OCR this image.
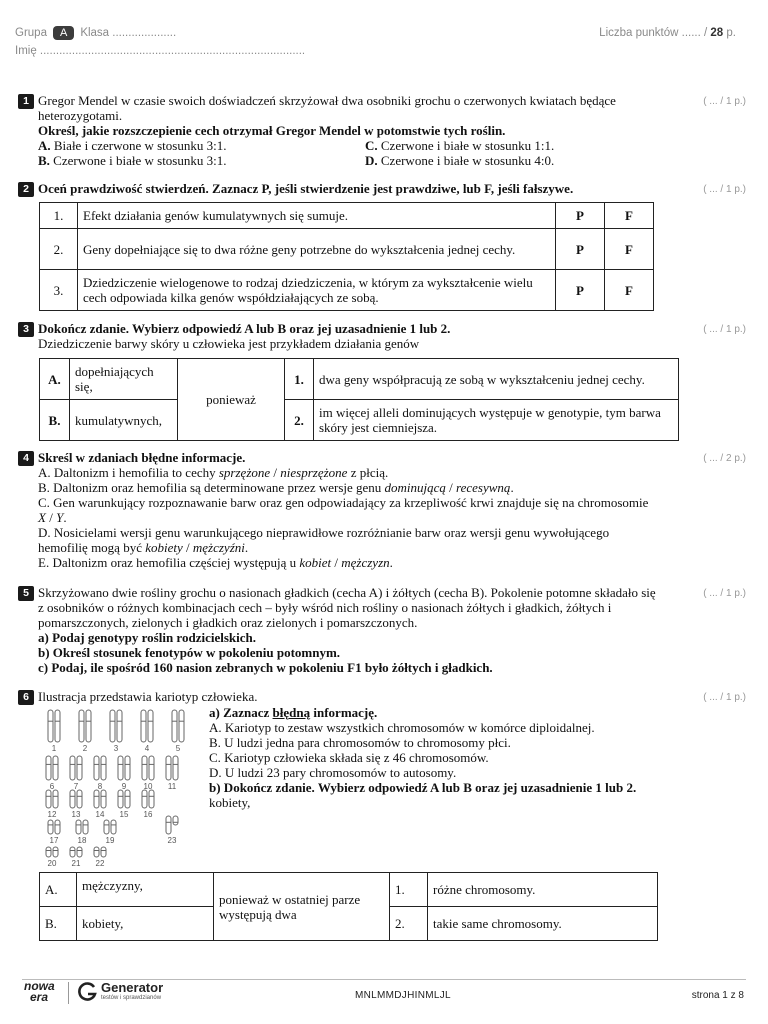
Grupa A Klasa ....................
Imię ...................................................................................
Liczba punktów ...... / 28 p.
1 Gregor Mendel w czasie swoich doświadczeń skrzyżował dwa osobniki grochu o czerwonych kwiatach będące heterozygotami.
Określ, jakie rozszczepienie cech otrzymał Gregor Mendel w potomstwie tych roślin.
A. Białe i czerwone w stosunku 3:1.	C. Czerwone i białe w stosunku 1:1.
B. Czerwone i białe w stosunku 3:1.	D. Czerwone i białe w stosunku 4:0.
( ... / 1 p.)
2 Oceń prawdziwość stwierdzeń. Zaznacz P, jeśli stwierdzenie jest prawdziwe, lub F, jeśli fałszywe.	( ... / 1 p.)
1.	Efekt działania genów kumulatywnych się sumuje.	P	F
2.	Geny dopełniające się to dwa różne geny potrzebne do wykształcenia jednej cechy.	P	F
3.	Dziedziczenie wielogenowe to rodzaj dziedziczenia, w którym za wykształcenie wielu cech odpowiada kilka genów współdziałających ze sobą.	P	F
3 Dokończ zdanie. Wybierz odpowiedź A lub B oraz jej uzasadnienie 1 lub 2.
Dziedziczenie barwy skóry u człowieka jest przykładem działania genów
( ... / 1 p.)
A.	dopełniających się,	ponieważ	1.	dwa geny współpracują ze sobą w wykształceniu jednej cechy.
B.	kumulatywnych,		2.	im więcej alleli dominujących występuje w genotypie, tym barwa skóry jest ciemniejsza.
4 Skreśl w zdaniach błędne informacje.
A. Daltonizm i hemofilia to cechy sprzężone / niesprzężone z płcią.
B. Daltonizm oraz hemofilia są determinowane przez wersje genu dominującą / recesywną.
C. Gen warunkujący rozpoznawanie barw oraz gen odpowiadający za krzepliwość krwi znajduje się na chromosomie X / Y.
D. Nosicielami wersji genu warunkującego nieprawidłowe rozróżnianie barw oraz wersji genu wywołującego hemofilię mogą być kobiety / mężczyźni.
E. Daltonizm oraz hemofilia częściej występują u kobiet / mężczyzn.
( ... / 2 p.)
5 Skrzyżowano dwie rośliny grochu o nasionach gładkich (cecha A) i żółtych (cecha B). Pokolenie potomne składało się z osobników o różnych kombinacjach cech – były wśród nich rośliny o nasionach żółtych i gładkich, żółtych i pomarszczonych, zielonych i gładkich oraz zielonych i pomarszczonych.
a) Podaj genotypy roślin rodzicielskich.
b) Określ stosunek fenotypów w pokoleniu potomnym.
c) Podaj, ile spośród 160 nasion zebranych w pokoleniu F1 było żółtych i gładkich.
( ... / 1 p.)
6 Ilustracja przedstawia kariotyp człowieka.	( ... / 1 p.)
1	2	3	4	5
6 7 8 9 10 11
12 13 14 15 16
17 18 19
20 21 22
23
a) Zaznacz błędną informację.
A. Kariotyp to zestaw wszystkich chromosomów w komórce diploidalnej.
B. U ludzi jedna para chromosomów to chromosomy płci.
C. Kariotyp człowieka składa się z 46 chromosomów.
D. U ludzi 23 pary chromosomów to autosomy.
b) Dokończ zdanie. Wybierz odpowiedź A lub B oraz jej uzasadnienie 1 lub 2.
kobiety,
A.	mężczyzny,	ponieważ w ostatniej parze występują dwa	1.	różne chromosomy.
B.	kobiety,		2.	takie same chromosomy.
nowa
era
Generator
testów i sprawdzianów	MNLMMDJHINMLJL	strona 1 z 8
